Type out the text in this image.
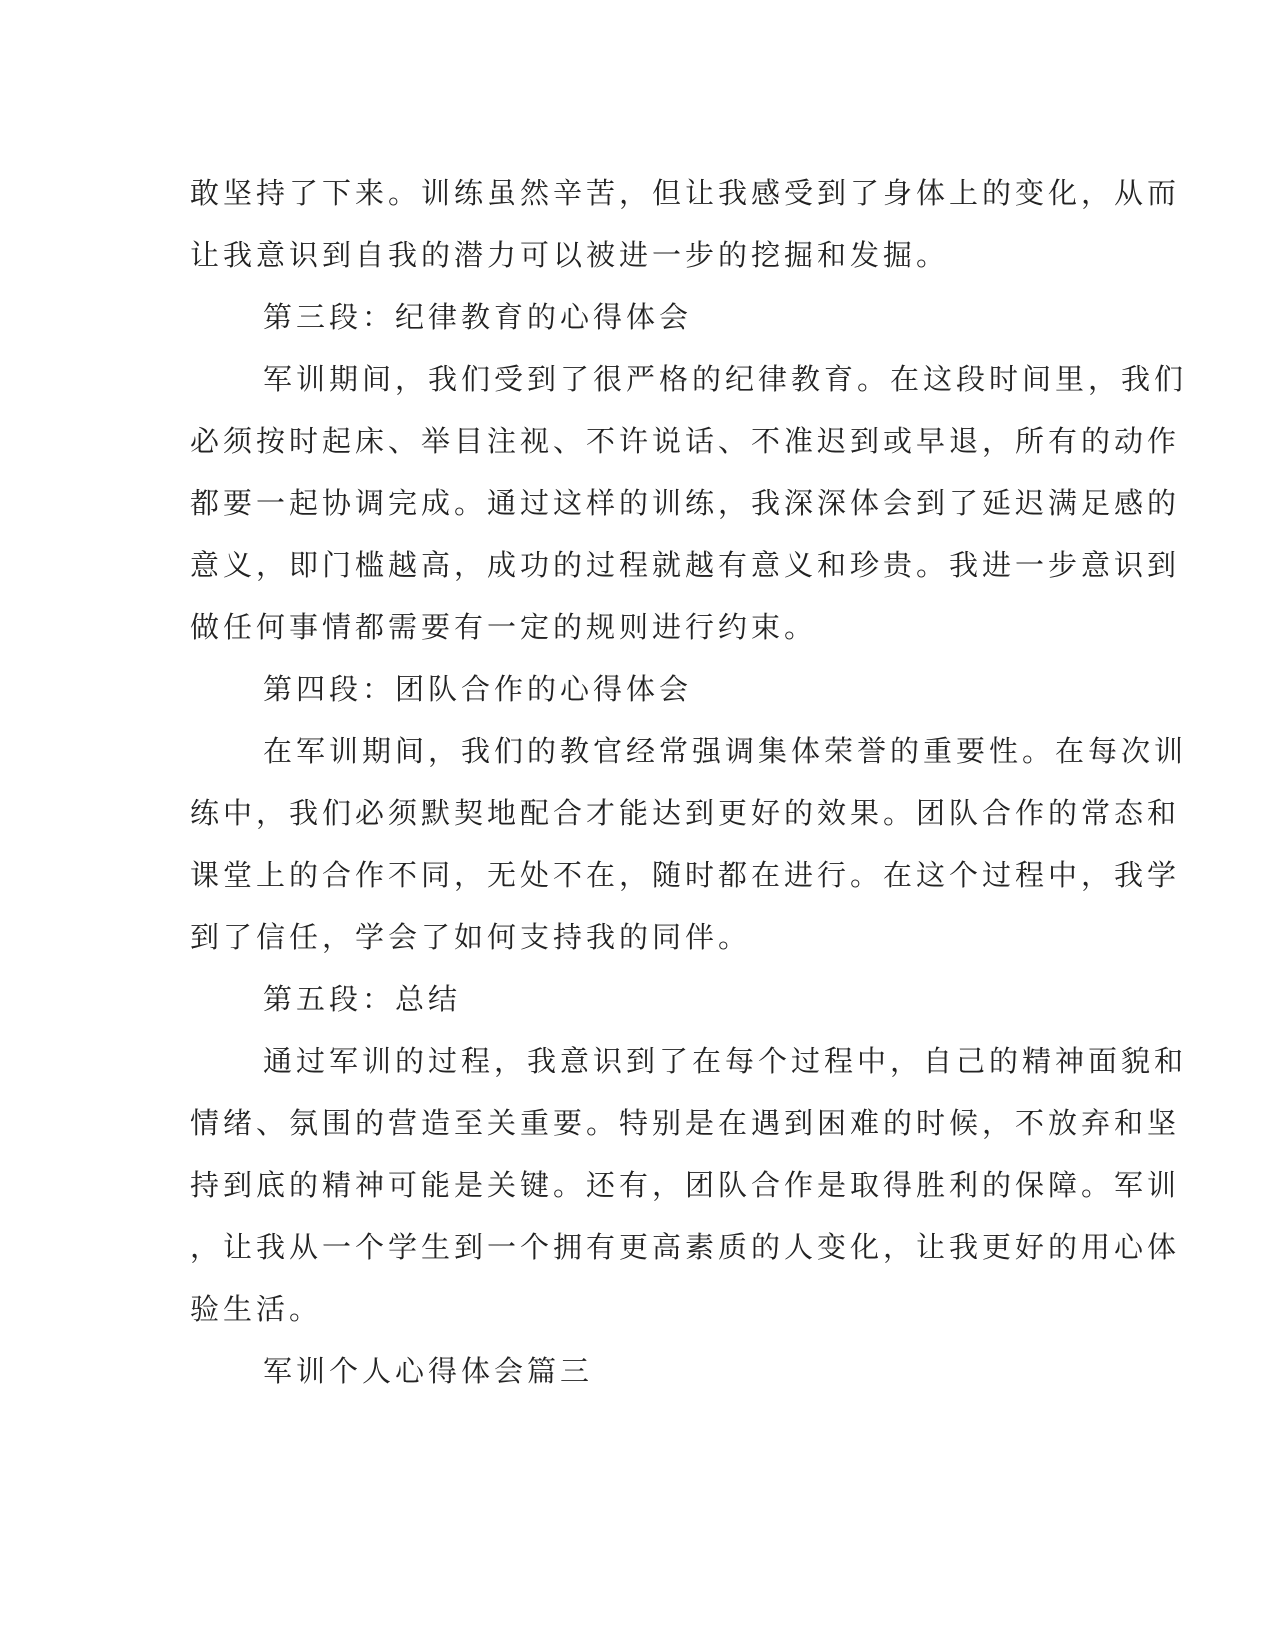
敢坚持了下来。训练虽然辛苦，但让我感受到了身体上的变化，从而
让我意识到自我的潜力可以被进一步的挖掘和发掘。
第三段：纪律教育的心得体会
军训期间，我们受到了很严格的纪律教育。在这段时间里，我们
必须按时起床、举目注视、不许说话、不准迟到或早退，所有的动作
都要一起协调完成。通过这样的训练，我深深体会到了延迟满足感的
意义，即门槛越高，成功的过程就越有意义和珍贵。我进一步意识到
做任何事情都需要有一定的规则进行约束。
第四段：团队合作的心得体会
在军训期间，我们的教官经常强调集体荣誉的重要性。在每次训
练中，我们必须默契地配合才能达到更好的效果。团队合作的常态和
课堂上的合作不同，无处不在，随时都在进行。在这个过程中，我学
到了信任，学会了如何支持我的同伴。
第五段：总结
通过军训的过程，我意识到了在每个过程中，自己的精神面貌和
情绪、氛围的营造至关重要。特别是在遇到困难的时候，不放弃和坚
持到底的精神可能是关键。还有，团队合作是取得胜利的保障。军训
，让我从一个学生到一个拥有更高素质的人变化，让我更好的用心体
验生活。
军训个人心得体会篇三
